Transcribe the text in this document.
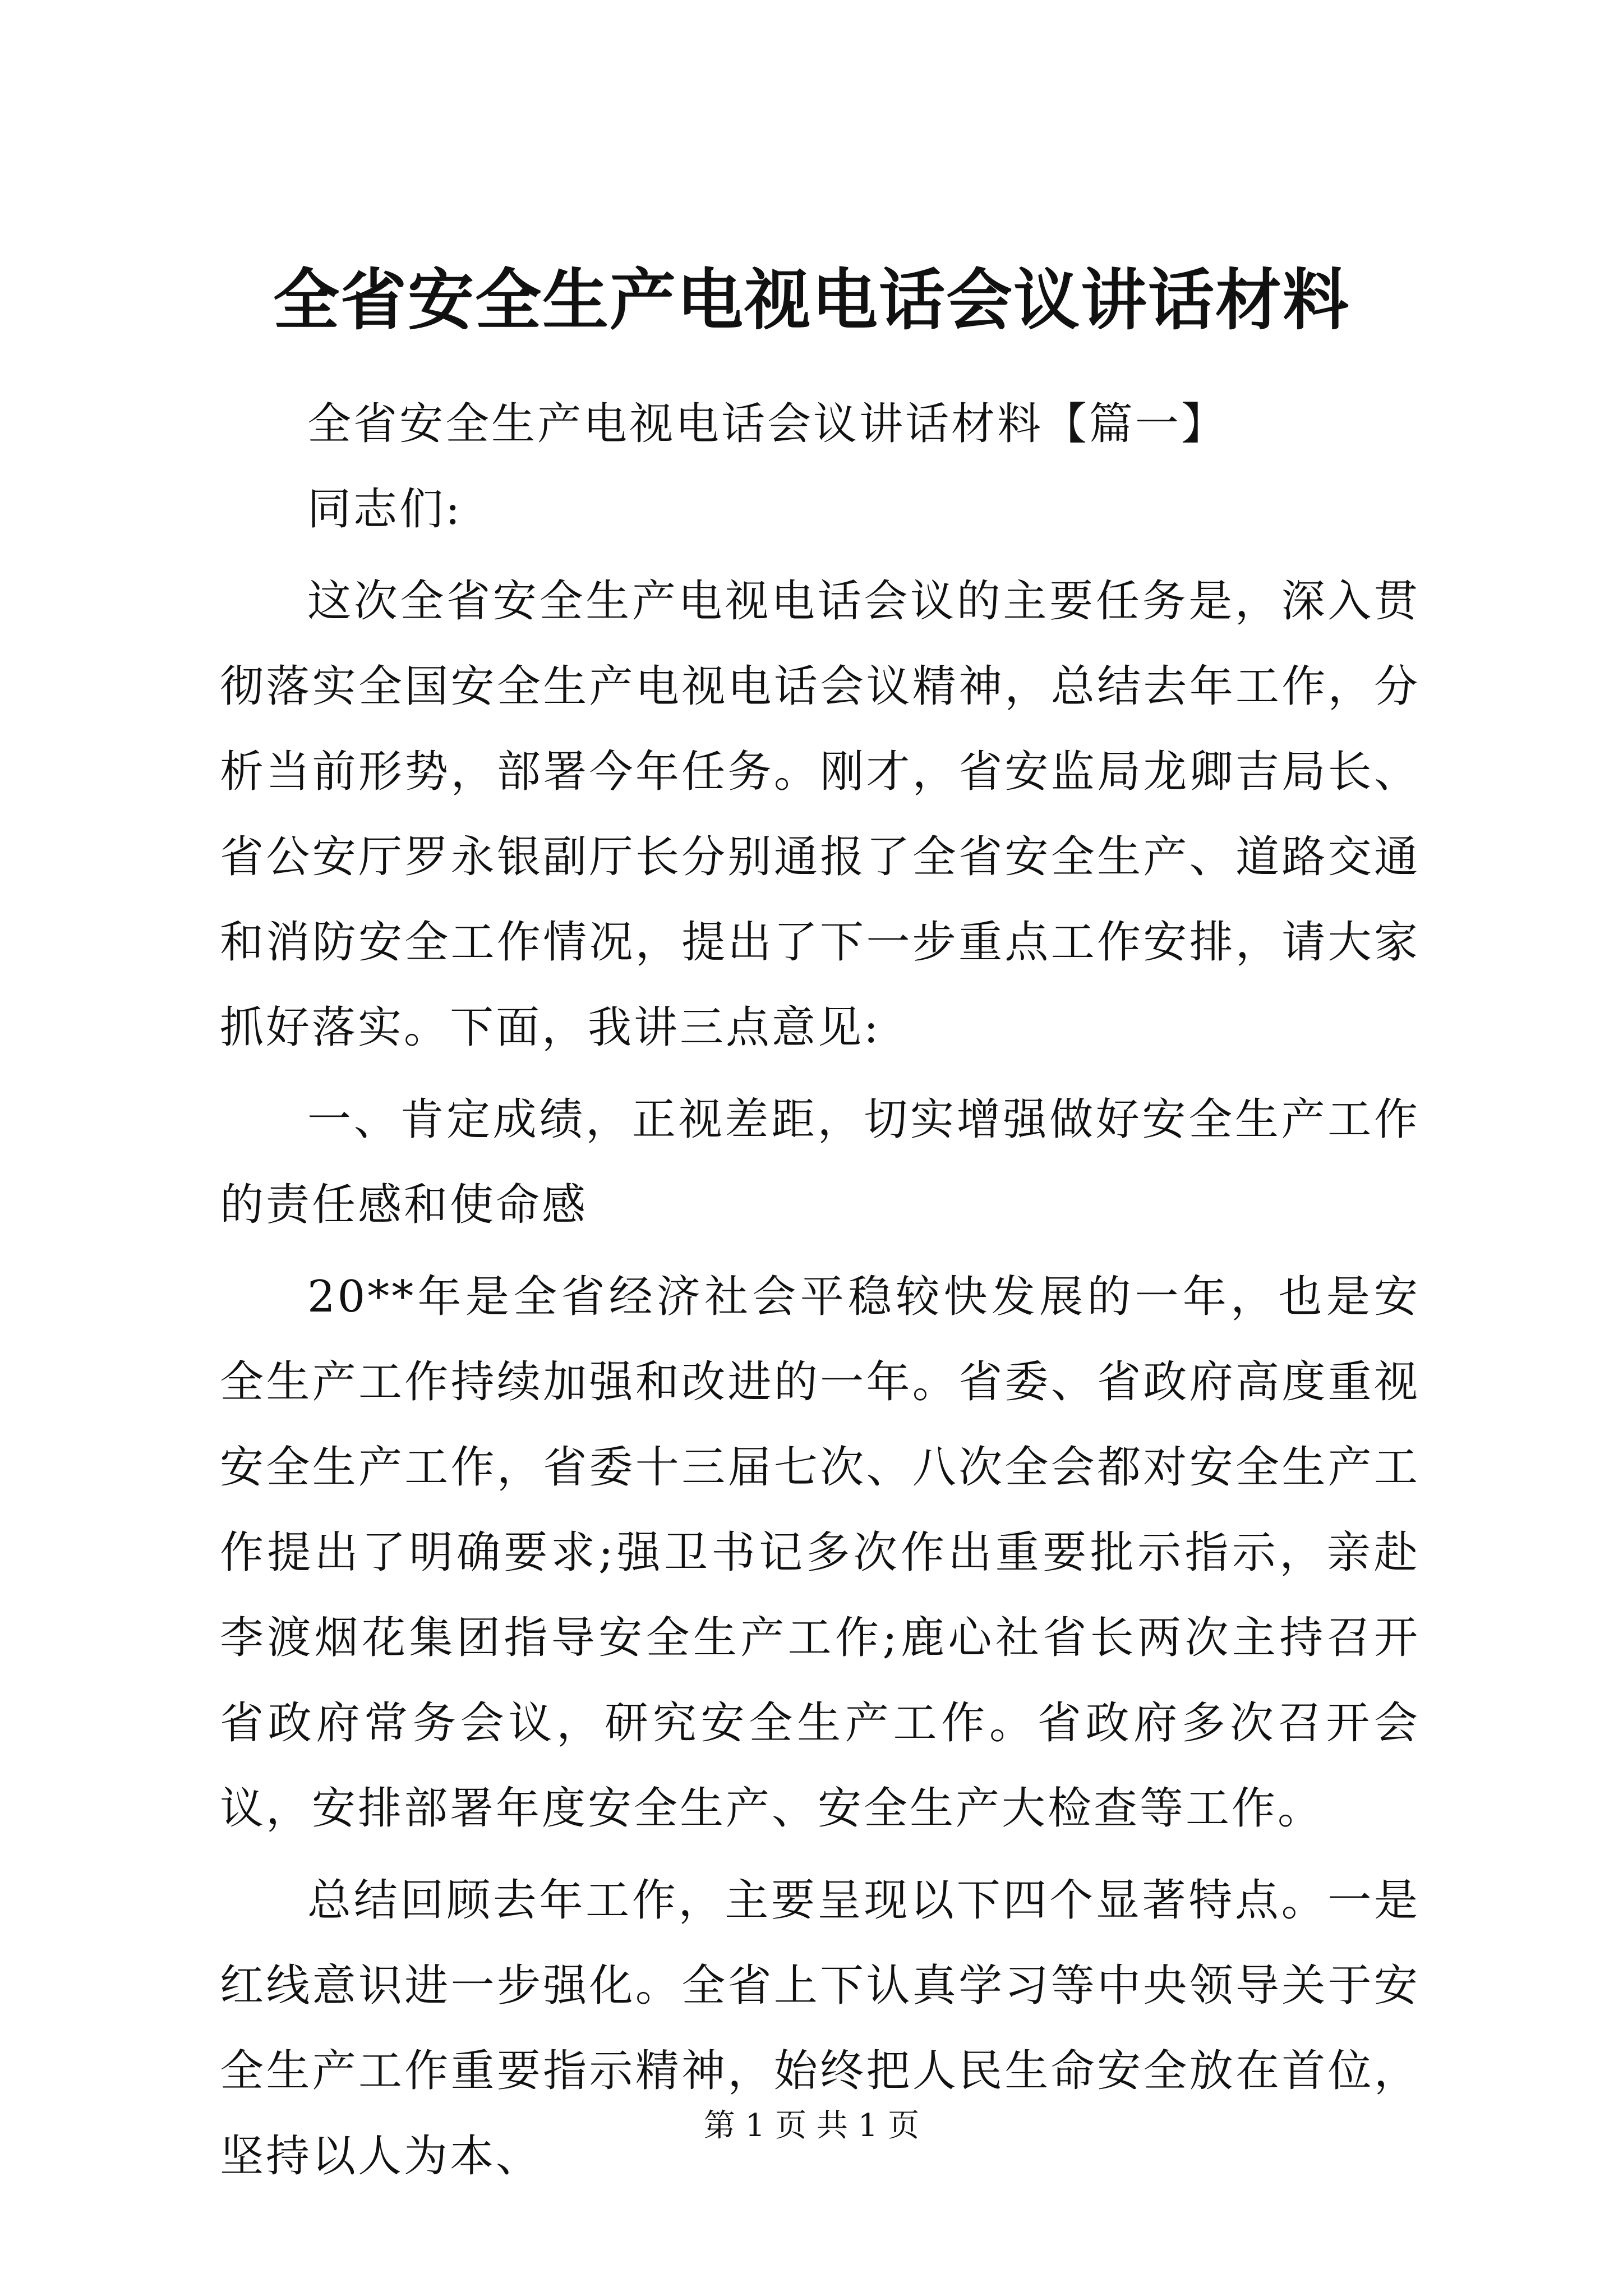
全省安全生产电视电话会议讲话材料

全省安全生产电视电话会议讲话材料【篇一】

同志们:

这次全省安全生产电视电话会议的主要任务是，深入贯彻落实全国安全生产电视电话会议精神，总结去年工作，分析当前形势，部署今年任务。刚才，省安监局龙卿吉局长、省公安厅罗永银副厅长分别通报了全省安全生产、道路交通和消防安全工作情况，提出了下一步重点工作安排，请大家抓好落实。下面，我讲三点意见:

一、肯定成绩，正视差距，切实增强做好安全生产工作的责任感和使命感

20**年是全省经济社会平稳较快发展的一年，也是安全生产工作持续加强和改进的一年。省委、省政府高度重视安全生产工作，省委十三届七次、八次全会都对安全生产工作提出了明确要求;强卫书记多次作出重要批示指示，亲赴李渡烟花集团指导安全生产工作;鹿心社省长两次主持召开省政府常务会议，研究安全生产工作。省政府多次召开会议，安排部署年度安全生产、安全生产大检查等工作。

总结回顾去年工作，主要呈现以下四个显著特点。一是红线意识进一步强化。全省上下认真学习等中央领导关于安全生产工作重要指示精神，始终把人民生命安全放在首位，坚持以人为本、

第 1 页 共 1 页
